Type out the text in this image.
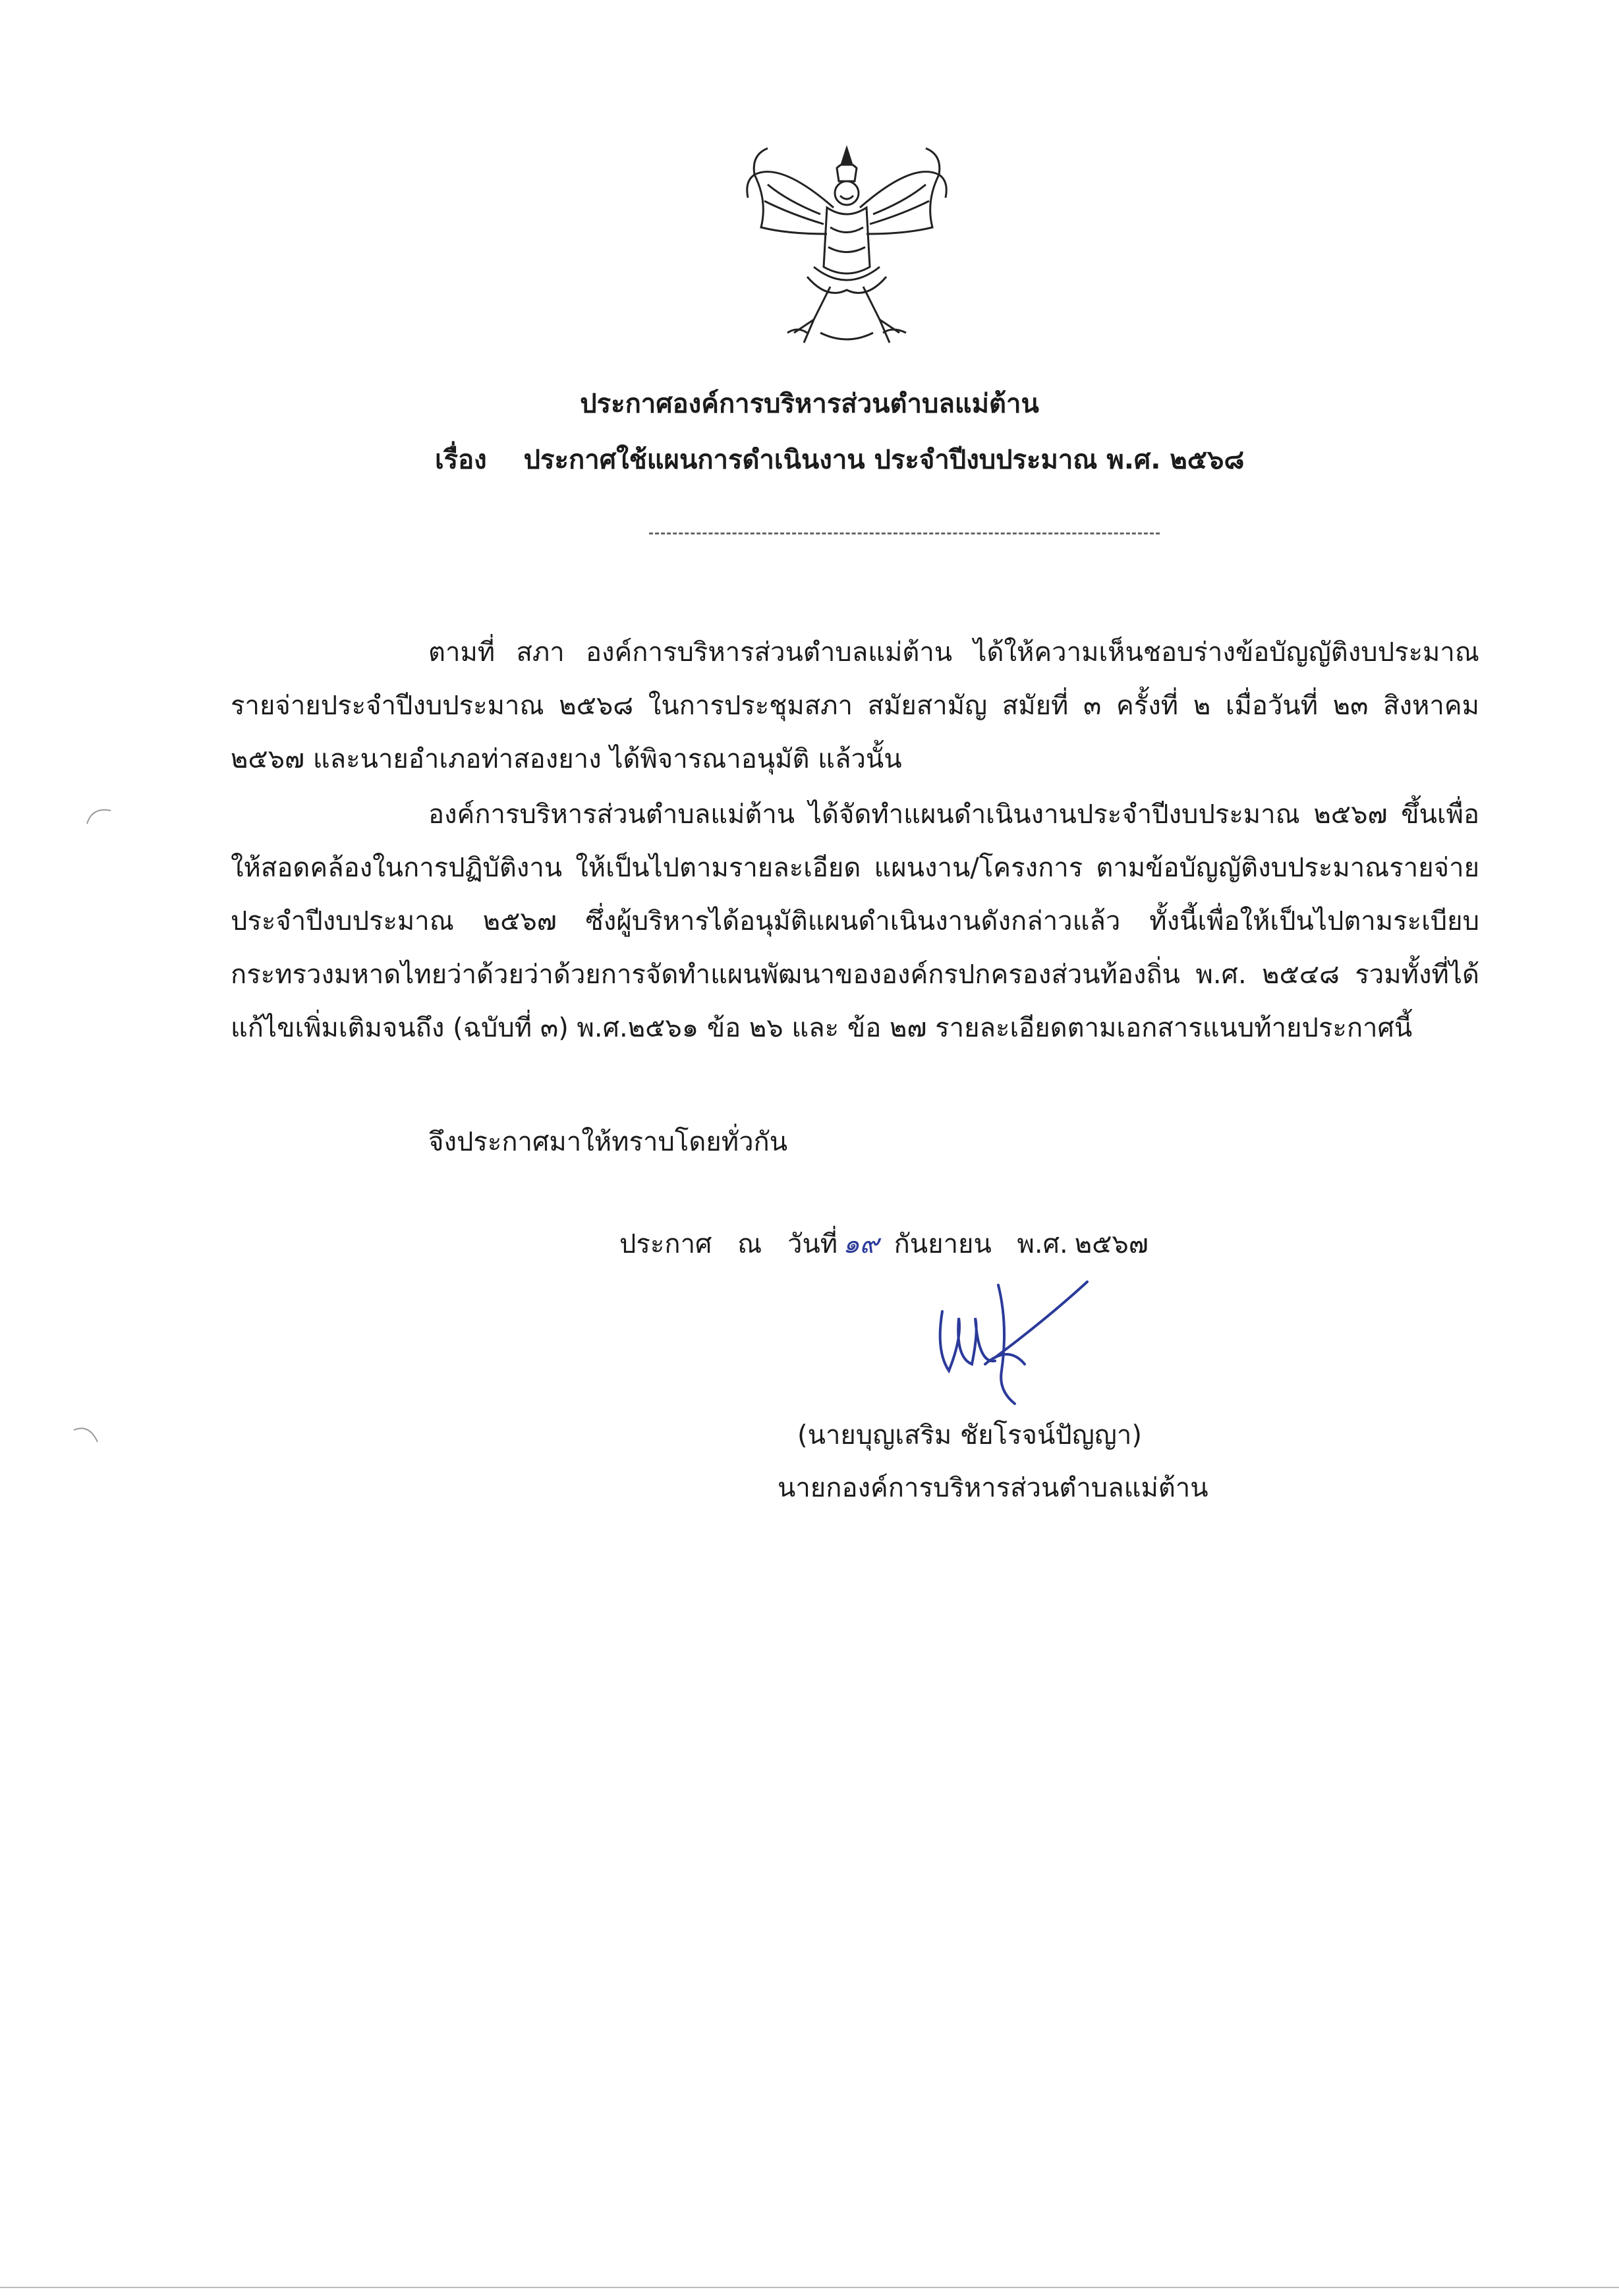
ประกาศองค์การบริหารส่วนตำบลแม่ต้าน
เรื่อง ประกาศใช้แผนการดำเนินงาน ประจำปีงบประมาณ พ.ศ. ๒๕๖๘
ตามที่ สภา องค์การบริหารส่วนตำบลแม่ต้าน ได้ให้ความเห็นชอบร่างข้อบัญญัติงบประมาณรายจ่ายประจำปีงบประมาณ ๒๕๖๘ ในการประชุมสภา สมัยสามัญ สมัยที่ ๓ ครั้งที่ ๒ เมื่อวันที่ ๒๓ สิงหาคม ๒๕๖๗ และนายอำเภอท่าสองยาง ได้พิจารณาอนุมัติ แล้วนั้น
องค์การบริหารส่วนตำบลแม่ต้าน ได้จัดทำแผนดำเนินงานประจำปีงบประมาณ ๒๕๖๗ ขึ้นเพื่อให้สอดคล้องในการปฏิบัติงาน ให้เป็นไปตามรายละเอียด แผนงาน/โครงการ ตามข้อบัญญัติงบประมาณรายจ่ายประจำปีงบประมาณ ๒๕๖๗ ซึ่งผู้บริหารได้อนุมัติแผนดำเนินงานดังกล่าวแล้ว ทั้งนี้เพื่อให้เป็นไปตามระเบียบกระทรวงมหาดไทยว่าด้วยว่าด้วยการจัดทำแผนพัฒนาขององค์กรปกครองส่วนท้องถิ่น พ.ศ. ๒๕๔๘ รวมทั้งที่ได้แก้ไขเพิ่มเติมจนถึง (ฉบับที่ ๓) พ.ศ.๒๕๖๑ ข้อ ๒๖ และ ข้อ ๒๗ รายละเอียดตามเอกสารแนบท้ายประกาศนี้
จึงประกาศมาให้ทราบโดยทั่วกัน
ประกาศ ณ วันที่ ๑๙ กันยายน พ.ศ. ๒๕๖๗
(นายบุญเสริม ชัยโรจน์ปัญญา)
นายกองค์การบริหารส่วนตำบลแม่ต้าน
